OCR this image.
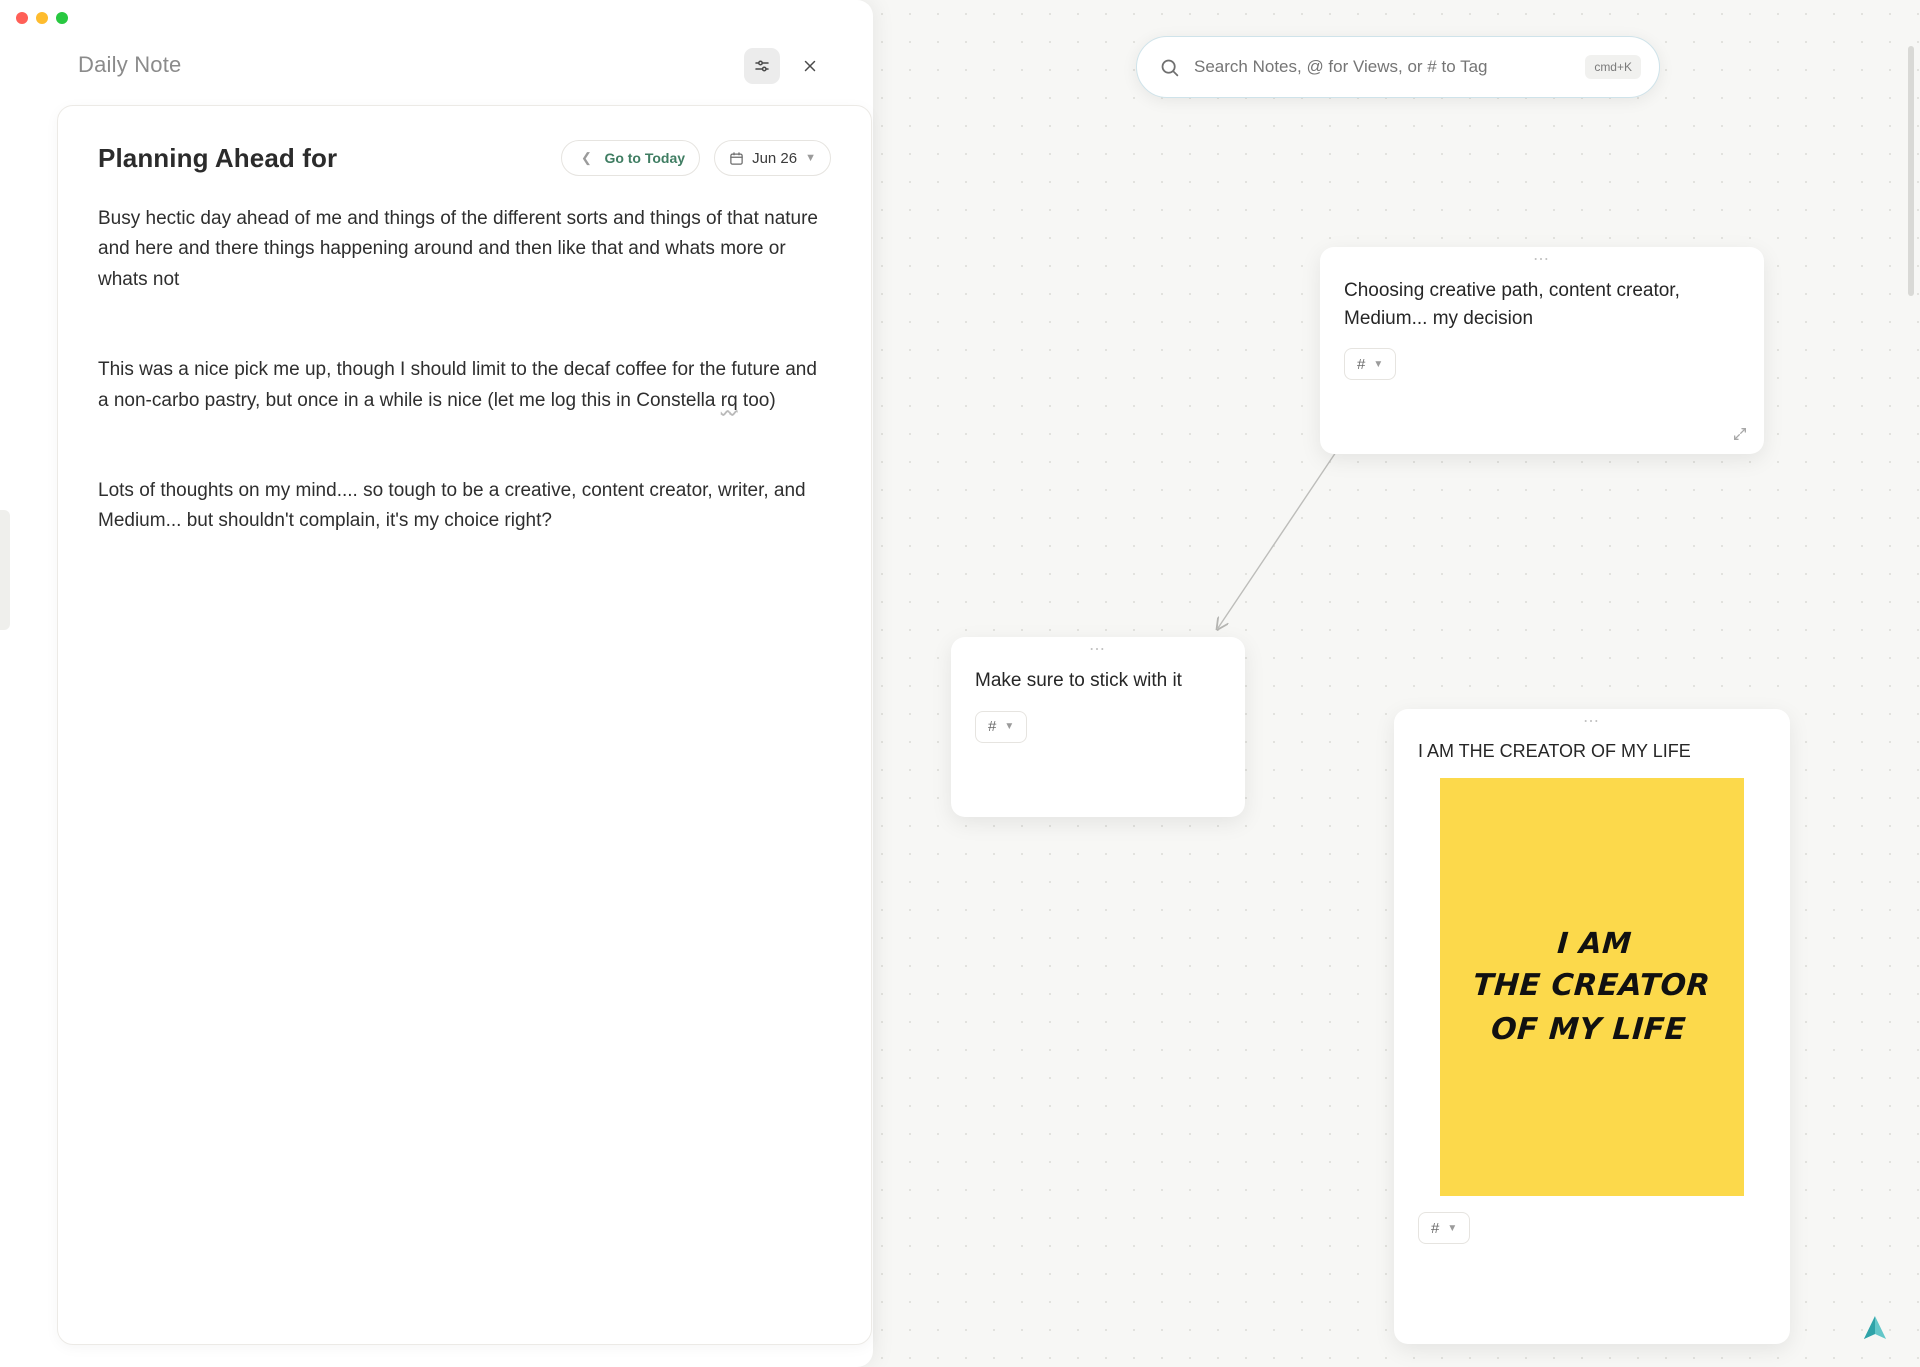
Daily Note
Planning Ahead for	❮ Go to Today	Jun 26 ▼

Busy hectic day ahead of me and things of the different sorts and things of that nature and here and there things happening around and then like that and whats more or whats not

This was a nice pick me up, though I should limit to the decaf coffee for the future and a non-carbo pastry, but once in a while is nice (let me log this in Constella rq too)

Lots of thoughts on my mind.... so tough to be a creative, content creator, writer, and Medium... but shouldn't complain, it's my choice right?

Search Notes, @ for Views, or # to Tag
cmd+K
⋯
Choosing creative path, content creator, Medium... my decision
# ▼
⋯
Make sure to stick with it
# ▼	⋯
I AM THE CREATOR OF MY LIFE
I AM
THE CREATOR
OF MY LIFE
# ▼
